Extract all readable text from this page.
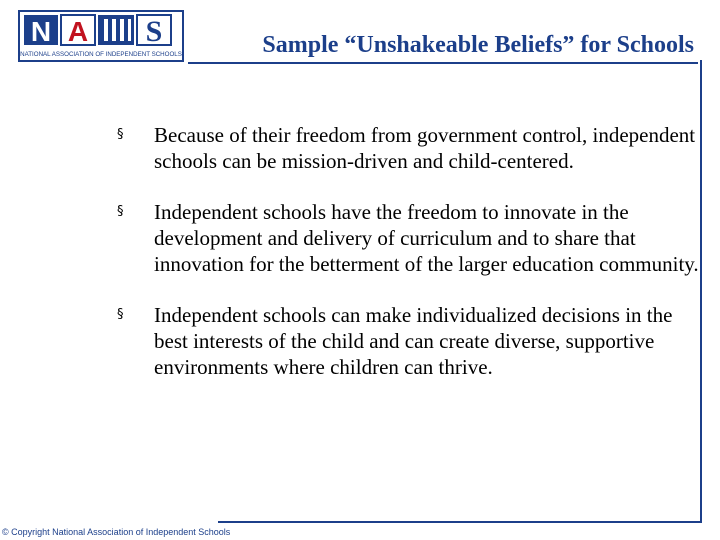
N A
I
S
NATIONAL ASSOCIATION OF INDEPENDENT SCHOOLS	Sample “Unshakeable Beliefs” for Schools
§ Because of their freedom from government control, independent schools can be mission-driven and child-centered.
§ Independent schools have the freedom to innovate in the development and delivery of curriculum and to share that innovation for the betterment of the larger education community.
§ Independent schools can make individualized decisions in the best interests of the child and can create diverse, supportive environments where children can thrive.
© Copyright National Association of Independent Schools
